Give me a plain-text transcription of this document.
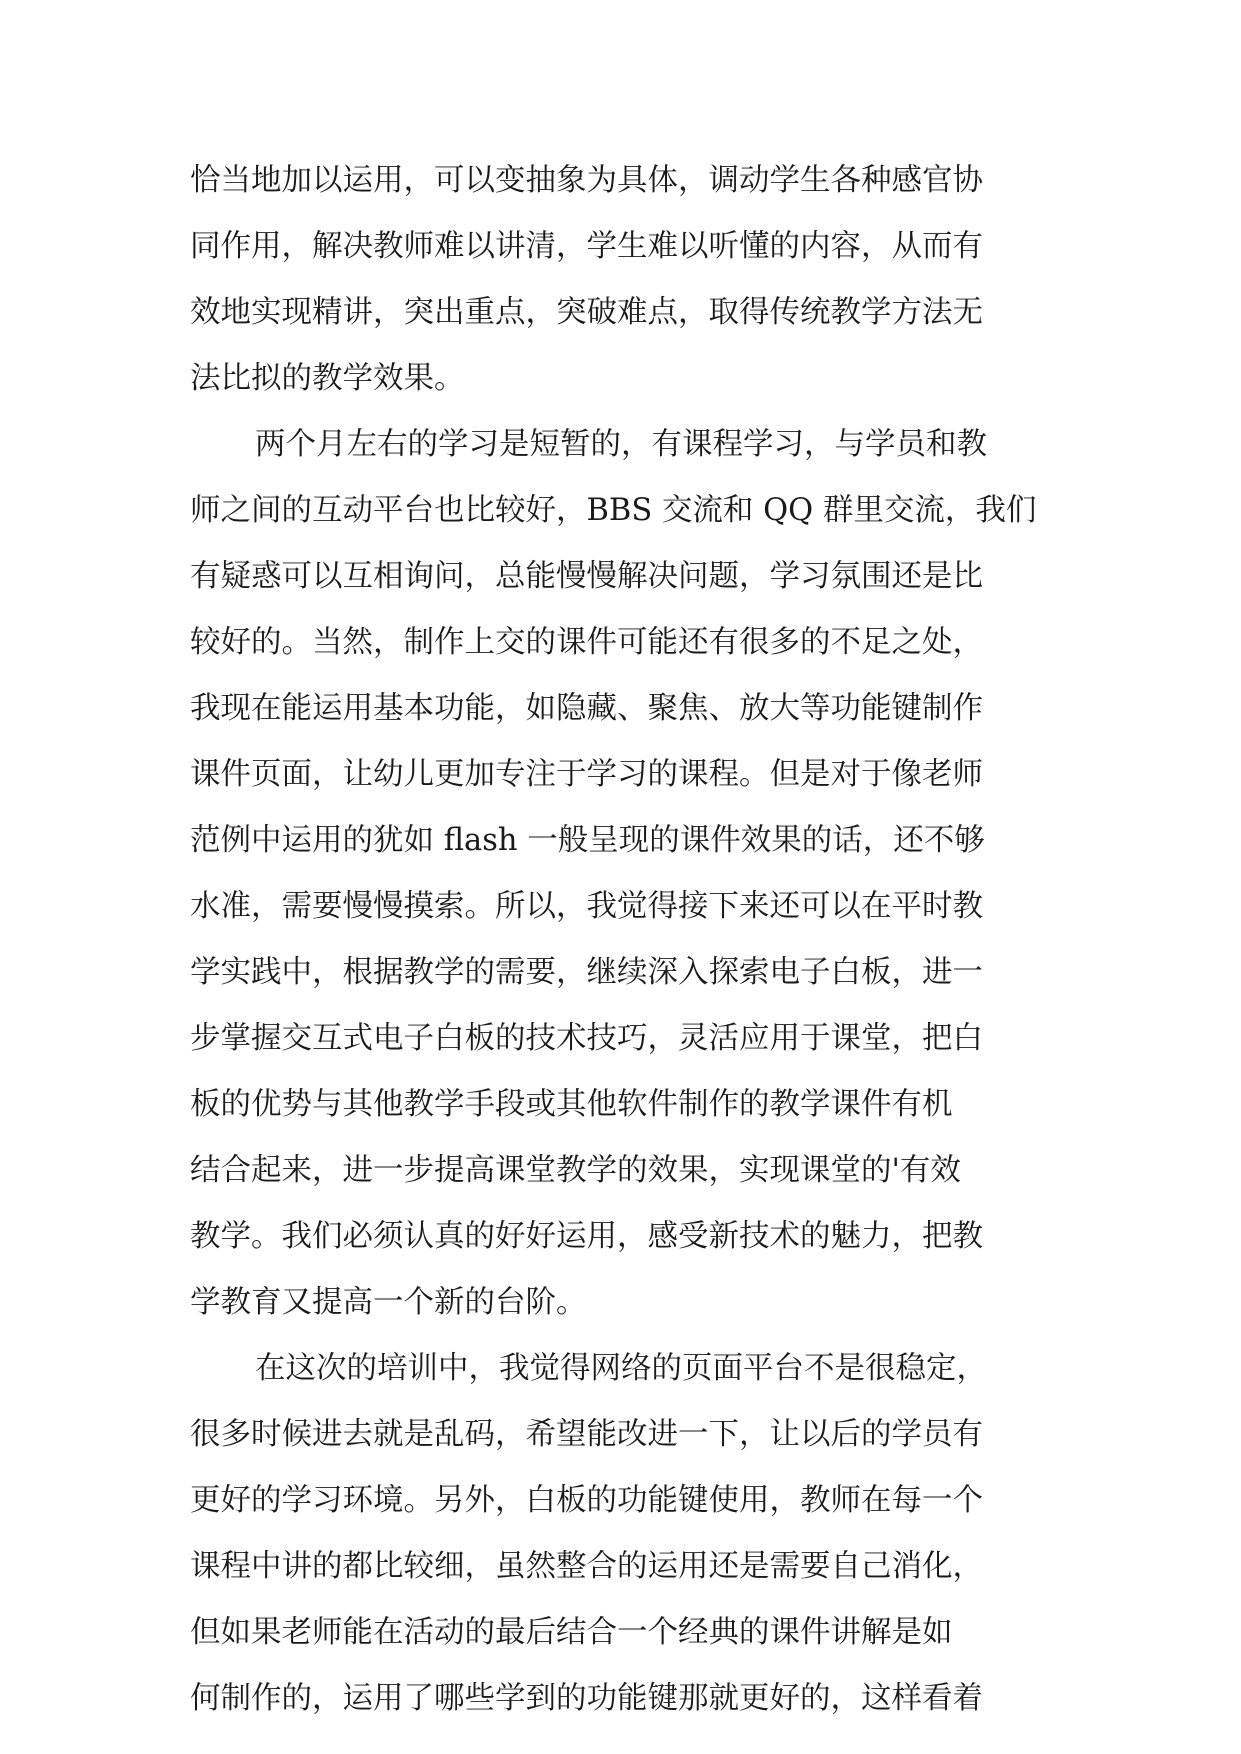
恰当地加以运用，可以变抽象为具体，调动学生各种感官协
同作用，解决教师难以讲清，学生难以听懂的内容，从而有
效地实现精讲，突出重点，突破难点，取得传统教学方法无
法比拟的教学效果。
两个月左右的学习是短暂的，有课程学习，与学员和教
师之间的互动平台也比较好，BBS 交流和 QQ 群里交流，我们
有疑惑可以互相询问，总能慢慢解决问题，学习氛围还是比
较好的。当然，制作上交的课件可能还有很多的不足之处，
我现在能运用基本功能，如隐藏、聚焦、放大等功能键制作
课件页面，让幼儿更加专注于学习的课程。但是对于像老师
范例中运用的犹如 flash 一般呈现的课件效果的话，还不够
水准，需要慢慢摸索。所以，我觉得接下来还可以在平时教
学实践中，根据教学的需要，继续深入探索电子白板，进一
步掌握交互式电子白板的技术技巧，灵活应用于课堂，把白
板的优势与其他教学手段或其他软件制作的教学课件有机
结合起来，进一步提高课堂教学的效果，实现课堂的'有效
教学。我们必须认真的好好运用，感受新技术的魅力，把教
学教育又提高一个新的台阶。
在这次的培训中，我觉得网络的页面平台不是很稳定，
很多时候进去就是乱码，希望能改进一下，让以后的学员有
更好的学习环境。另外，白板的功能键使用，教师在每一个
课程中讲的都比较细，虽然整合的运用还是需要自己消化，
但如果老师能在活动的最后结合一个经典的课件讲解是如
何制作的，运用了哪些学到的功能键那就更好的，这样看着
